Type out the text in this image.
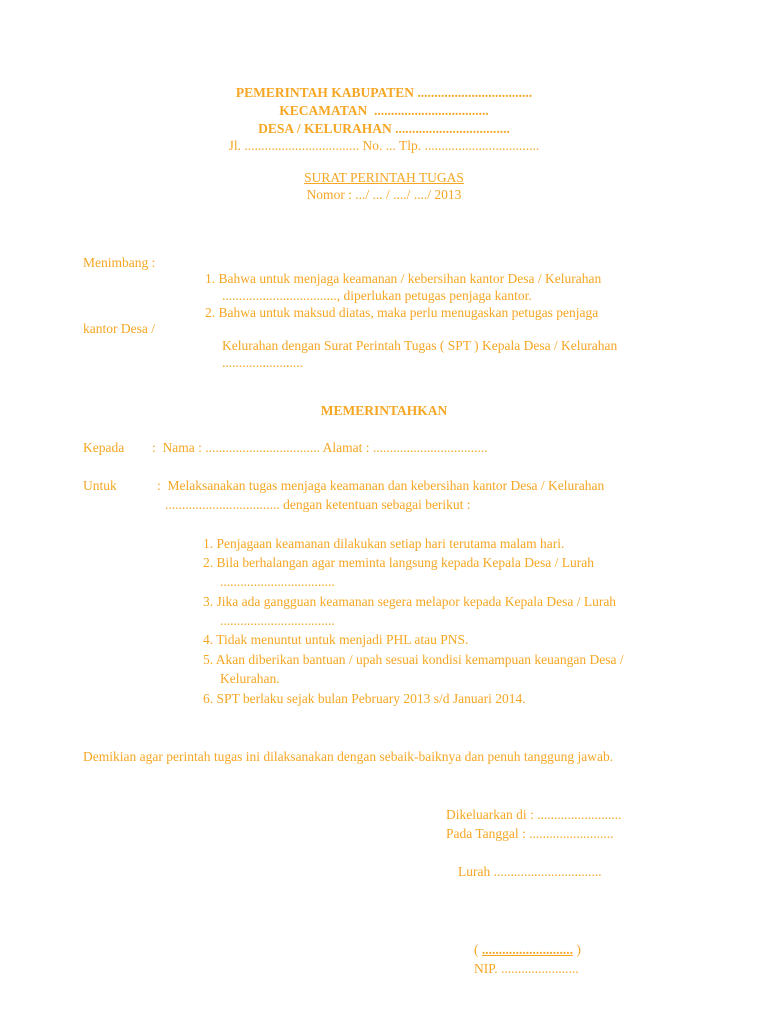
PEMERINTAH KABUPATEN ..................................
KECAMATAN  ..................................
DESA / KELURAHAN ..................................
Jl. .................................. No. ... Tlp. ..................................
SURAT PERINTAH TUGAS
Nomor : .../ ... / ..../ ..../ 2013
Menimbang :
1. Bahwa untuk menjaga keamanan / kebersihan kantor Desa / Kelurahan
.................................., diperlukan petugas penjaga kantor.
2. Bahwa untuk maksud diatas, maka perlu menugaskan petugas penjaga
kantor Desa /
Kelurahan dengan Surat Perintah Tugas ( SPT ) Kepala Desa / Kelurahan
........................
MEMERINTAHKAN
Kepada :  Nama : .................................. Alamat : ..................................
Untuk	:  Melaksanakan tugas menjaga keamanan dan kebersihan kantor Desa / Kelurahan
.................................. dengan ketentuan sebagai berikut :
1. Penjagaan keamanan dilakukan setiap hari terutama malam hari.
2. Bila berhalangan agar meminta langsung kepada Kepala Desa / Lurah
..................................
3. Jika ada gangguan keamanan segera melapor kepada Kepala Desa / Lurah
..................................
4. Tidak menuntut untuk menjadi PHL atau PNS.
5. Akan diberikan bantuan / upah sesuai kondisi kemampuan keuangan Desa /
Kelurahan.
6. SPT berlaku sejak bulan Pebruary 2013 s/d Januari 2014.
Demikian agar perintah tugas ini dilaksanakan dengan sebaik-baiknya dan penuh tanggung jawab.
Dikeluarkan di : .........................
Pada Tanggal : .........................
Lurah ................................
( ........................... )
NIP. .......................
